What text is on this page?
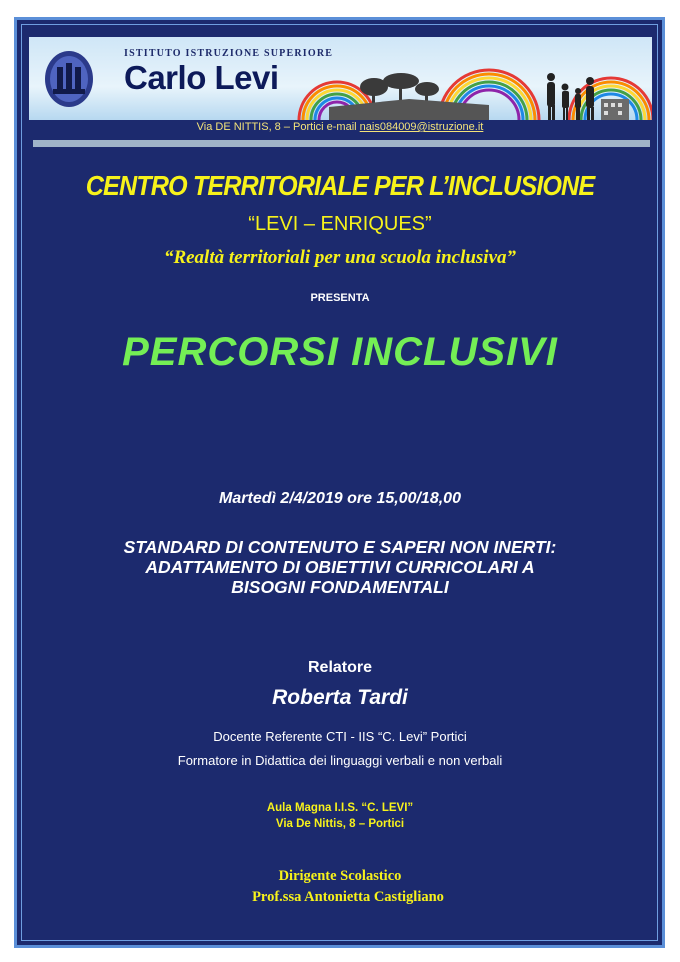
ISTITUTO ISTRUZIONE SUPERIORE
Carlo Levi
Via DE NITTIS, 8 – Portici e-mail nais084009@istruzione.it
CENTRO TERRITORIALE PER L’INCLUSIONE
“LEVI – ENRIQUES”
“Realtà territoriali per una scuola inclusiva”
PRESENTA
PERCORSI INCLUSIVI
Martedì 2/4/2019 ore 15,00/18,00
STANDARD DI CONTENUTO E SAPERI NON INERTI:
ADATTAMENTO DI OBIETTIVI CURRICOLARI A
BISOGNI FONDAMENTALI
Relatore
Roberta Tardi
Docente Referente CTI - IIS “C. Levi” Portici
Formatore in Didattica dei linguaggi verbali e non verbali
Aula Magna I.I.S. “C. LEVI”
Via De Nittis, 8 – Portici
Dirigente Scolastico
Prof.ssa Antonietta Castigliano
